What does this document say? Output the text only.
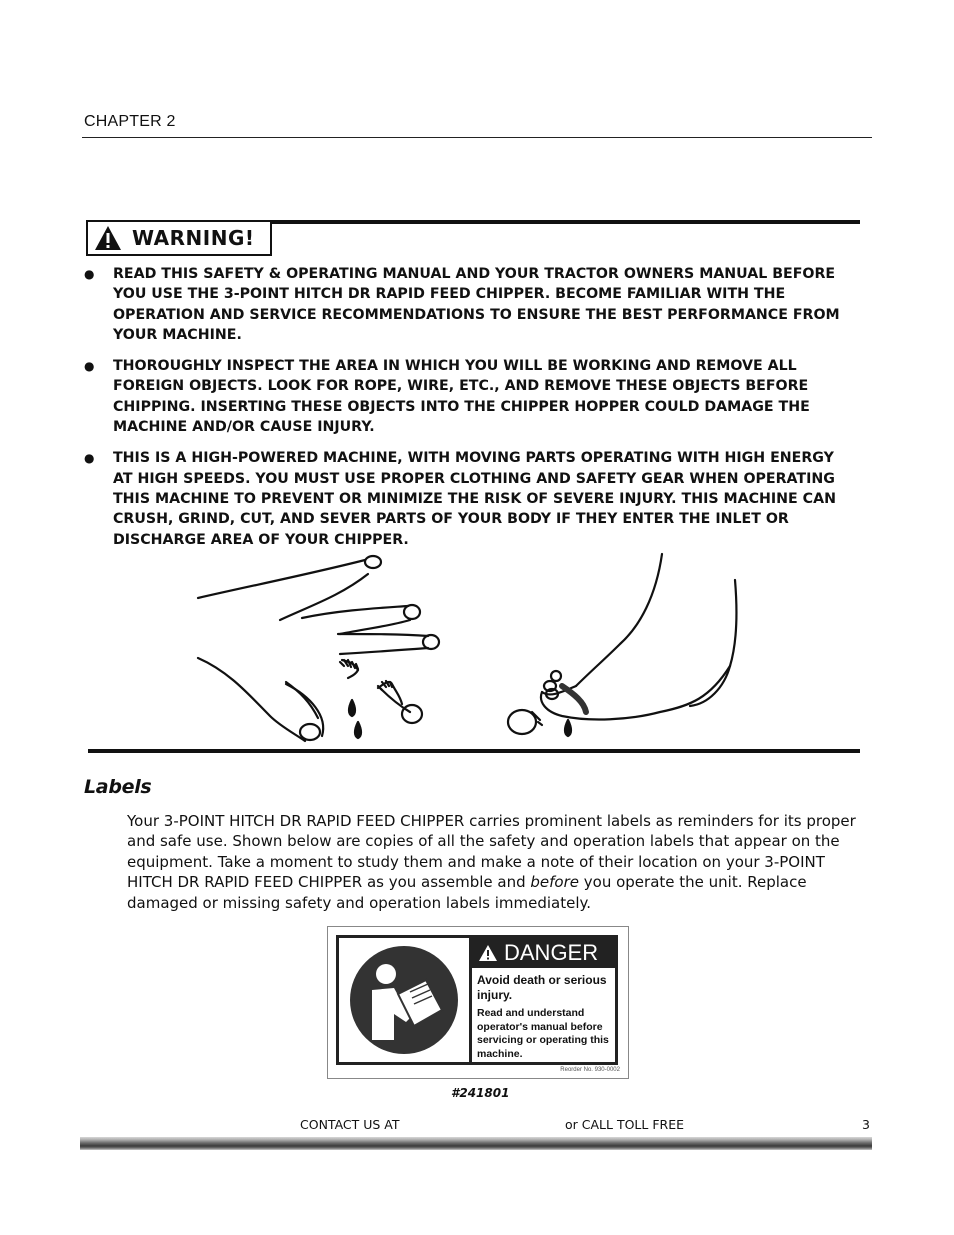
CHAPTER 2
WARNING!
● READ THIS SAFETY & OPERATING MANUAL AND YOUR TRACTOR OWNERS MANUAL BEFORE YOU USE THE 3-POINT HITCH DR RAPID FEED CHIPPER. BECOME FAMILIAR WITH THE OPERATION AND SERVICE RECOMMENDATIONS TO ENSURE THE BEST PERFORMANCE FROM YOUR MACHINE.
● THOROUGHLY INSPECT THE AREA IN WHICH YOU WILL BE WORKING AND REMOVE ALL FOREIGN OBJECTS. LOOK FOR ROPE, WIRE, ETC., AND REMOVE THESE OBJECTS BEFORE CHIPPING. INSERTING THESE OBJECTS INTO THE CHIPPER HOPPER COULD DAMAGE THE MACHINE AND/OR CAUSE INJURY.
● THIS IS A HIGH-POWERED MACHINE, WITH MOVING PARTS OPERATING WITH HIGH ENERGY AT HIGH SPEEDS. YOU MUST USE PROPER CLOTHING AND SAFETY GEAR WHEN OPERATING THIS MACHINE TO PREVENT OR MINIMIZE THE RISK OF SEVERE INJURY. THIS MACHINE CAN CRUSH, GRIND, CUT, AND SEVER PARTS OF YOUR BODY IF THEY ENTER THE INLET OR DISCHARGE AREA OF YOUR CHIPPER.
Labels
Your 3-POINT HITCH DR RAPID FEED CHIPPER carries prominent labels as reminders for its proper and safe use. Shown below are copies of all the safety and operation labels that appear on the equipment. Take a moment to study them and make a note of their location on your 3-POINT HITCH DR RAPID FEED CHIPPER as you assemble and before you operate the unit. Replace damaged or missing safety and operation labels immediately.
DANGER
Avoid death or serious injury.
Read and understand operator's manual before servicing or operating this machine.
Reorder No. 930-0002
#241801
CONTACT US AT	or CALL TOLL FREE	3
